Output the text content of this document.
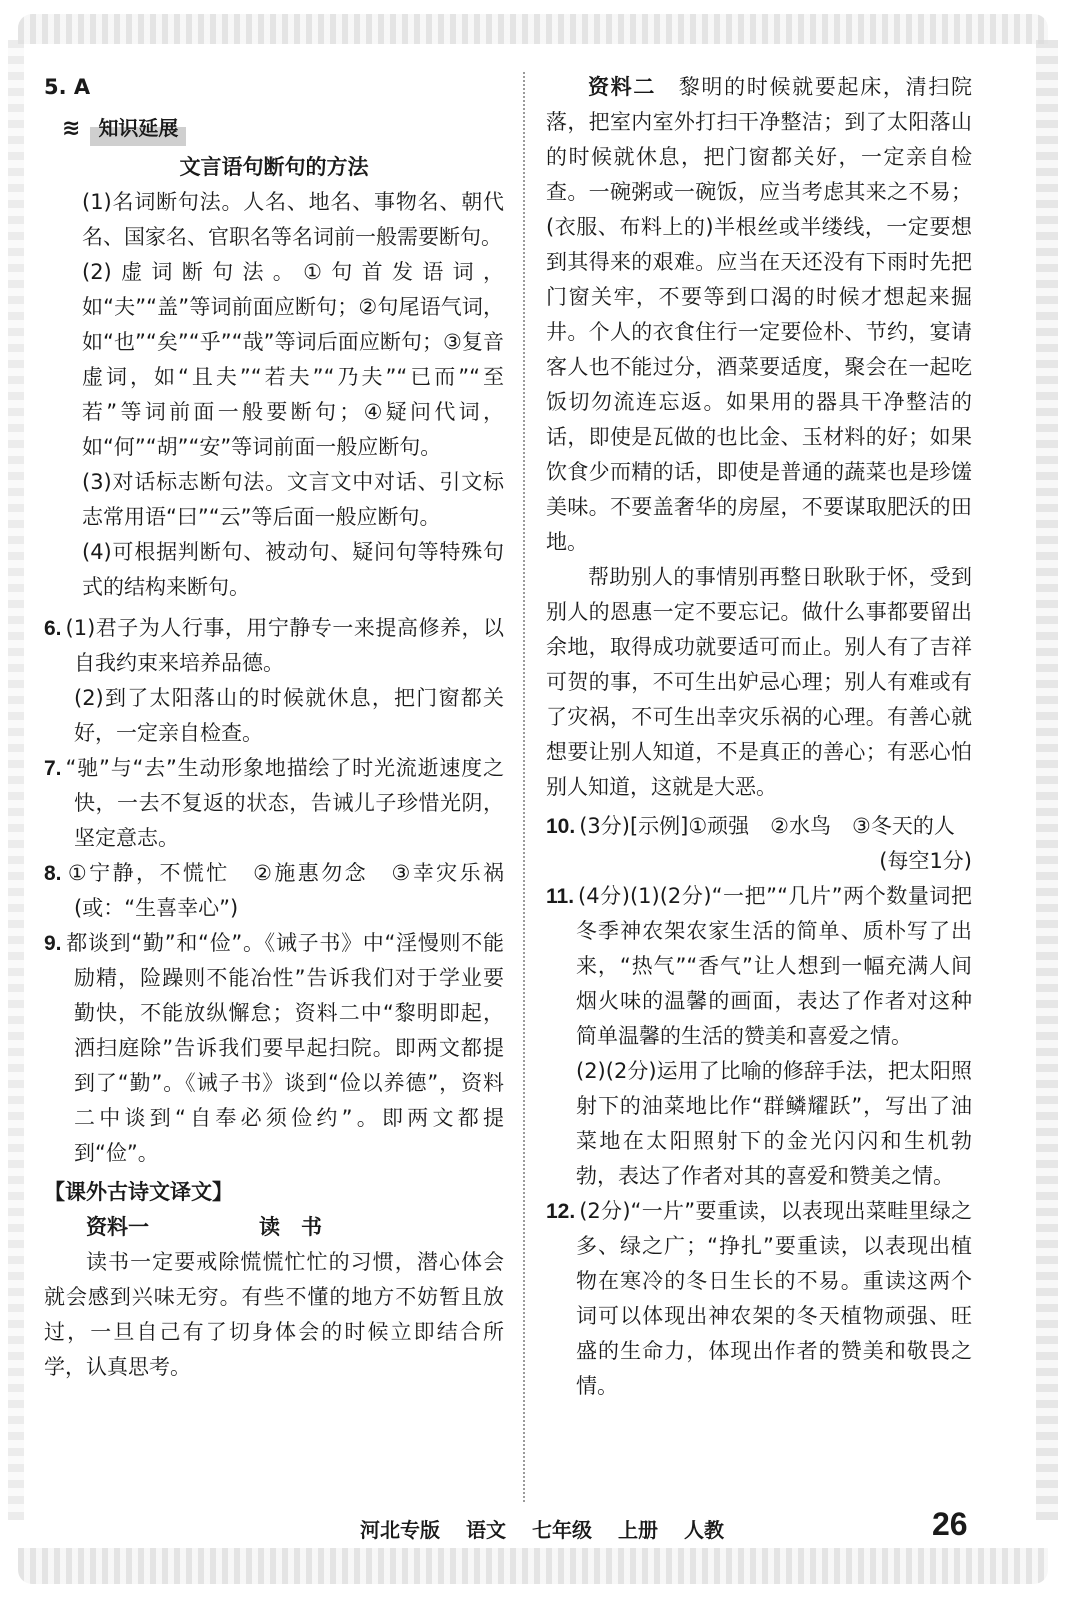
5. A

≋ 知识延展

文言语句断句的方法

(1)名词断句法。人名、地名、事物名、朝代名、国家名、官职名等名词前一般需要断句。

(2)虚词断句法。①句首发语词，如“夫”“盖”等词前面应断句；②句尾语气词，如“也”“矣”“乎”“哉”等词后面应断句；③复音虚词，如“且夫”“若夫”“乃夫”“已而”“至若”等词前面一般要断句；④疑问代词，如“何”“胡”“安”等词前面一般应断句。

(3)对话标志断句法。文言文中对话、引文标志常用语“曰”“云”等后面一般应断句。

(4)可根据判断句、被动句、疑问句等特殊句式的结构来断句。

6. (1)君子为人行事，用宁静专一来提高修养，以自我约束来培养品德。

(2)到了太阳落山的时候就休息，把门窗都关好，一定亲自检查。

7. “驰”与“去”生动形象地描绘了时光流逝速度之快，一去不复返的状态，告诫儿子珍惜光阴，坚定意志。

8. ①宁静，不慌忙　②施惠勿念　③幸灾乐祸(或：“生喜幸心”)

9. 都谈到“勤”和“俭”。《诫子书》中“淫慢则不能励精，险躁则不能冶性”告诉我们对于学业要勤快，不能放纵懈怠；资料二中“黎明即起，洒扫庭除”告诉我们要早起扫院。即两文都提到了“勤”。《诫子书》谈到“俭以养德”，资料二中谈到“自奉必须俭约”。即两文都提到“俭”。

【课外古诗文译文】

资料一	读　书

读书一定要戒除慌慌忙忙的习惯，潜心体会就会感到兴味无穷。有些不懂的地方不妨暂且放过，一旦自己有了切身体会的时候立即结合所学，认真思考。

资料二　 黎明的时候就要起床，清扫院落，把室内室外打扫干净整洁；到了太阳落山的时候就休息，把门窗都关好，一定亲自检查。一碗粥或一碗饭，应当考虑其来之不易；(衣服、布料上的)半根丝或半缕线，一定要想到其得来的艰难。应当在天还没有下雨时先把门窗关牢，不要等到口渴的时候才想起来掘井。个人的衣食住行一定要俭朴、节约，宴请客人也不能过分，酒菜要适度，聚会在一起吃饭切勿流连忘返。如果用的器具干净整洁的话，即使是瓦做的也比金、玉材料的好；如果饮食少而精的话，即使是普通的蔬菜也是珍馐美味。不要盖奢华的房屋，不要谋取肥沃的田地。

帮助别人的事情别再整日耿耿于怀，受到别人的恩惠一定不要忘记。做什么事都要留出余地，取得成功就要适可而止。别人有了吉祥可贺的事，不可生出妒忌心理；别人有难或有了灾祸，不可生出幸灾乐祸的心理。有善心就想要让别人知道，不是真正的善心；有恶心怕别人知道，这就是大恶。

10. (3分)[示例]①顽强　②水鸟　③冬天的人

(每空1分)

11. (4分)(1)(2分)“一把”“几片”两个数量词把冬季神农架农家生活的简单、质朴写了出来，“热气”“香气”让人想到一幅充满人间烟火味的温馨的画面，表达了作者对这种简单温馨的生活的赞美和喜爱之情。

(2)(2分)运用了比喻的修辞手法，把太阳照射下的油菜地比作“群鳞耀跃”，写出了油菜地在太阳照射下的金光闪闪和生机勃勃，表达了作者对其的喜爱和赞美之情。

12. (2分)“一片”要重读，以表现出菜畦里绿之多、绿之广；“挣扎”要重读，以表现出植物在寒冷的冬日生长的不易。重读这两个词可以体现出神农架的冬天植物顽强、旺盛的生命力，体现出作者的赞美和敬畏之情。

河北专版 语文 七年级 上册 人教	26
